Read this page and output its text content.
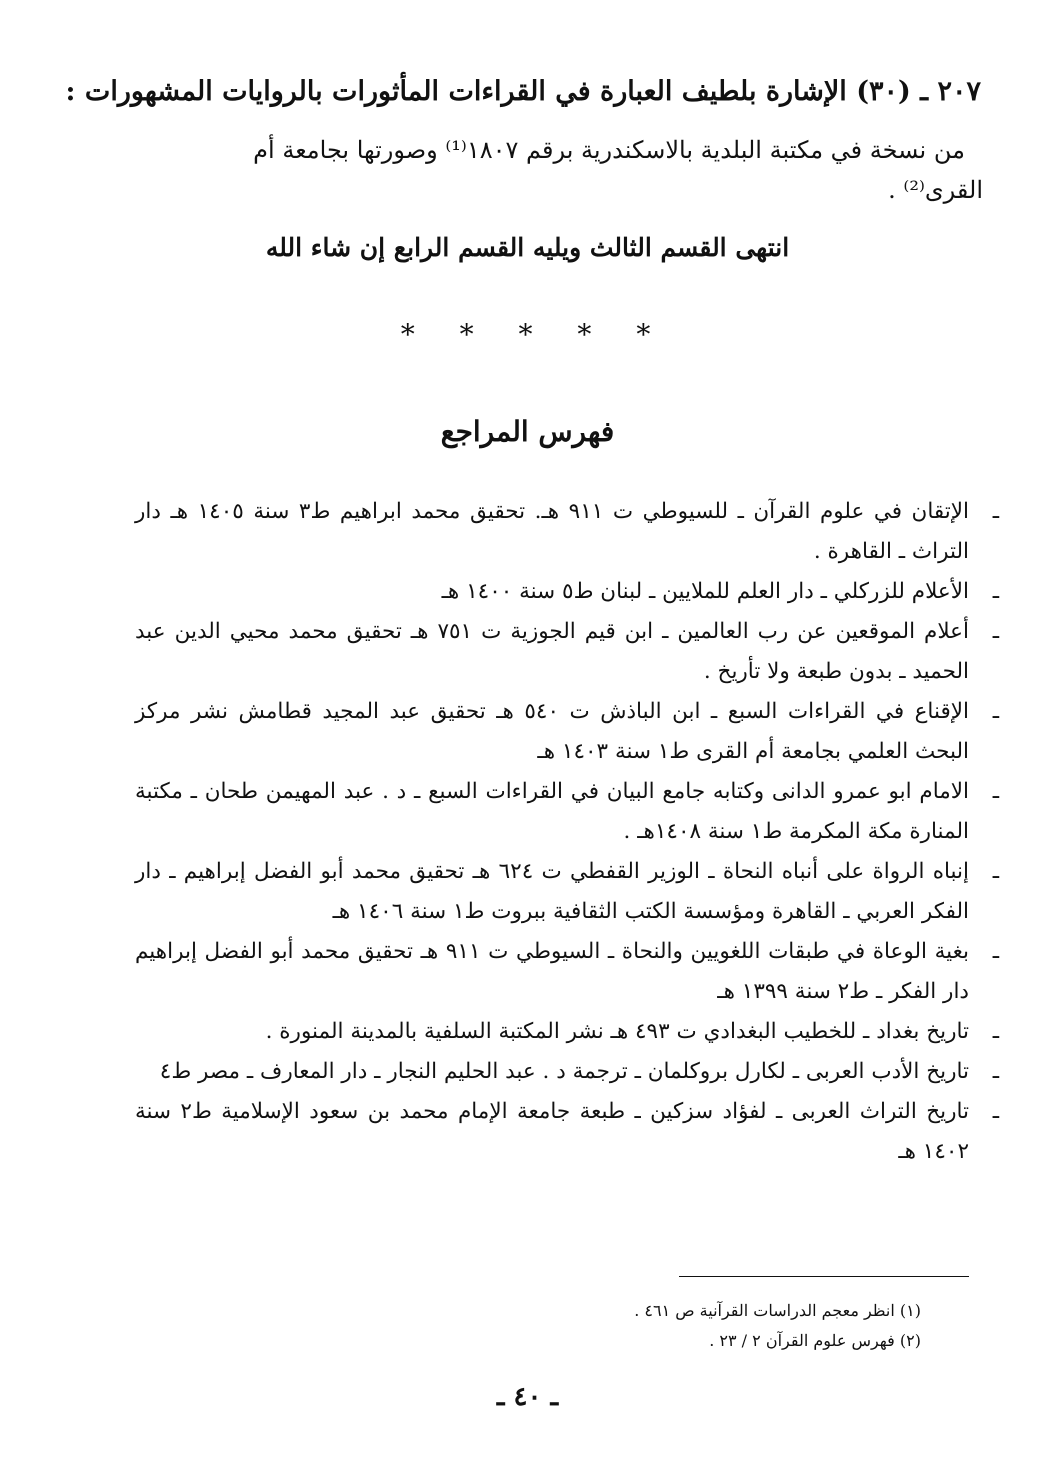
٢٠٧ ـ (٣٠) الإشارة بلطيف العبارة في القراءات المأثورات بالروايات المشهورات :
من نسخة في مكتبة البلدية بالاسكندرية برقم ١٨٠٧⁽¹⁾ وصورتها بجامعة أم
القرى⁽²⁾ .
انتهى القسم الثالث ويليه القسم الرابع إن شاء الله
* * * * *
فهرس المراجع
ـ
الإتقان في علوم القرآن ـ للسيوطي ت ٩١١ هـ. تحقيق محمد ابراهيم ط٣ سنة ١٤٠٥ هـ دار التراث ـ القاهرة .
ـ
الأعلام للزركلي ـ دار العلم للملايين ـ لبنان ط٥ سنة ١٤٠٠ هـ
ـ
أعلام الموقعين عن رب العالمين ـ ابن قيم الجوزية ت ٧٥١ هـ تحقيق محمد محيي الدين عبد الحميد ـ بدون طبعة ولا تأريخ .
ـ
الإقناع في القراءات السبع ـ ابن الباذش ت ٥٤٠ هـ تحقيق عبد المجيد قطامش نشر مركز البحث العلمي بجامعة أم القرى ط١ سنة ١٤٠٣ هـ
ـ
الامام ابو عمرو الدانى وكتابه جامع البيان في القراءات السبع ـ د . عبد المهيمن طحان ـ مكتبة المنارة مكة المكرمة ط١ سنة ١٤٠٨هـ .
ـ
إنباه الرواة على أنباه النحاة ـ الوزير القفطي ت ٦٢٤ هـ تحقيق محمد أبو الفضل إبراهيم ـ دار الفكر العربي ـ القاهرة ومؤسسة الكتب الثقافية ببروت ط١ سنة ١٤٠٦ هـ
ـ
بغية الوعاة في طبقات اللغويين والنحاة ـ السيوطي ت ٩١١ هـ تحقيق محمد أبو الفضل إبراهيم دار الفكر ـ ط٢ سنة ١٣٩٩ هـ
ـ
تاريخ بغداد ـ للخطيب البغدادي ت ٤٩٣ هـ نشر المكتبة السلفية بالمدينة المنورة .
ـ
تاريخ الأدب العربى ـ لكارل بروكلمان ـ ترجمة د . عبد الحليم النجار ـ دار المعارف ـ مصر ط٤
ـ
تاريخ التراث العربى ـ لفؤاد سزكين ـ طبعة جامعة الإمام محمد بن سعود الإسلامية ط٢ سنة ١٤٠٢ هـ
(١) انظر معجم الدراسات القرآنية ص ٤٦١ .
(٢) فهرس علوم القرآن ٢ / ٢٣ .
ـ ٤٠ ـ
